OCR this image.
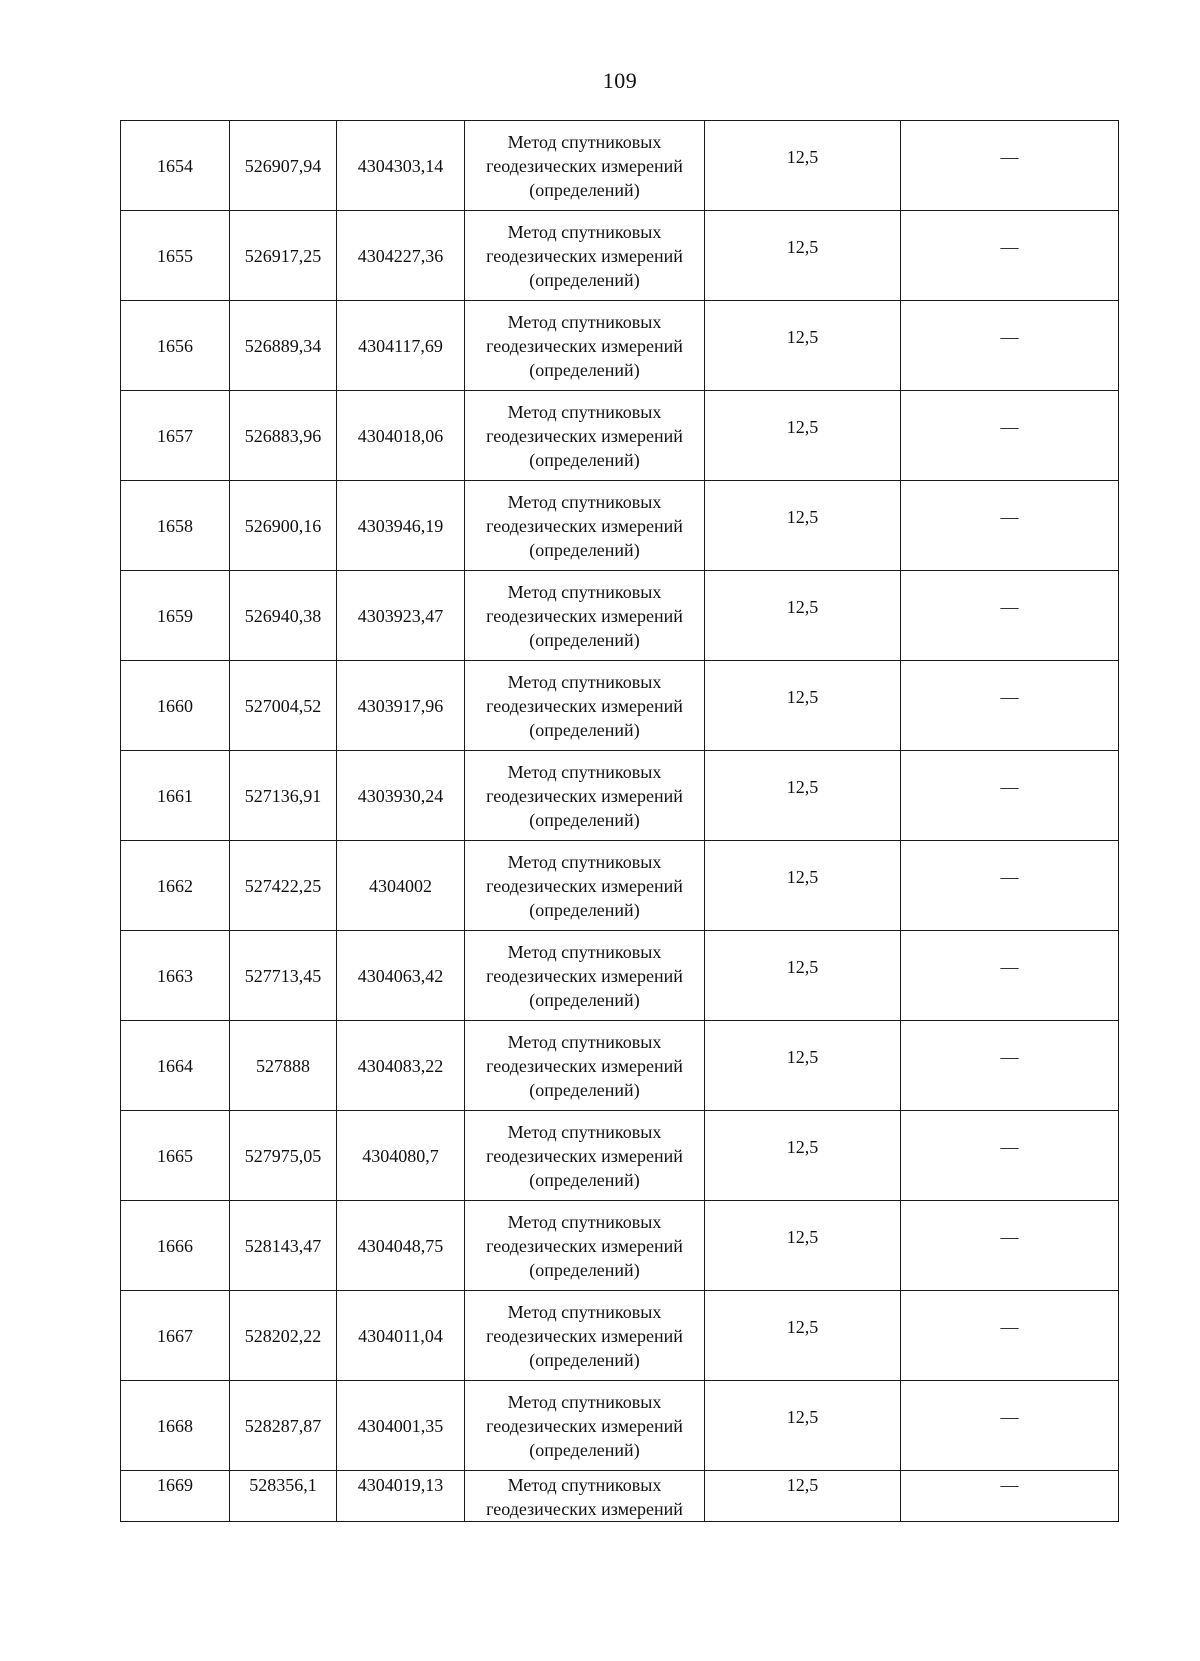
109
1654	526907,94	4304303,14	Метод спутниковых
геодезических измерений
(определений)	12,5	—
1655	526917,25	4304227,36	Метод спутниковых
геодезических измерений
(определений)	12,5	—
1656	526889,34	4304117,69	Метод спутниковых
геодезических измерений
(определений)	12,5	—
1657	526883,96	4304018,06	Метод спутниковых
геодезических измерений
(определений)	12,5	—
1658	526900,16	4303946,19	Метод спутниковых
геодезических измерений
(определений)	12,5	—
1659	526940,38	4303923,47	Метод спутниковых
геодезических измерений
(определений)	12,5	—
1660	527004,52	4303917,96	Метод спутниковых
геодезических измерений
(определений)	12,5	—
1661	527136,91	4303930,24	Метод спутниковых
геодезических измерений
(определений)	12,5	—
1662	527422,25	4304002	Метод спутниковых
геодезических измерений
(определений)	12,5	—
1663	527713,45	4304063,42	Метод спутниковых
геодезических измерений
(определений)	12,5	—
1664	527888	4304083,22	Метод спутниковых
геодезических измерений
(определений)	12,5	—
1665	527975,05	4304080,7	Метод спутниковых
геодезических измерений
(определений)	12,5	—
1666	528143,47	4304048,75	Метод спутниковых
геодезических измерений
(определений)	12,5	—
1667	528202,22	4304011,04	Метод спутниковых
геодезических измерений
(определений)	12,5	—
1668	528287,87	4304001,35	Метод спутниковых
геодезических измерений
(определений)	12,5	—
1669	528356,1	4304019,13	Метод спутниковых
геодезических измерений	12,5	—
